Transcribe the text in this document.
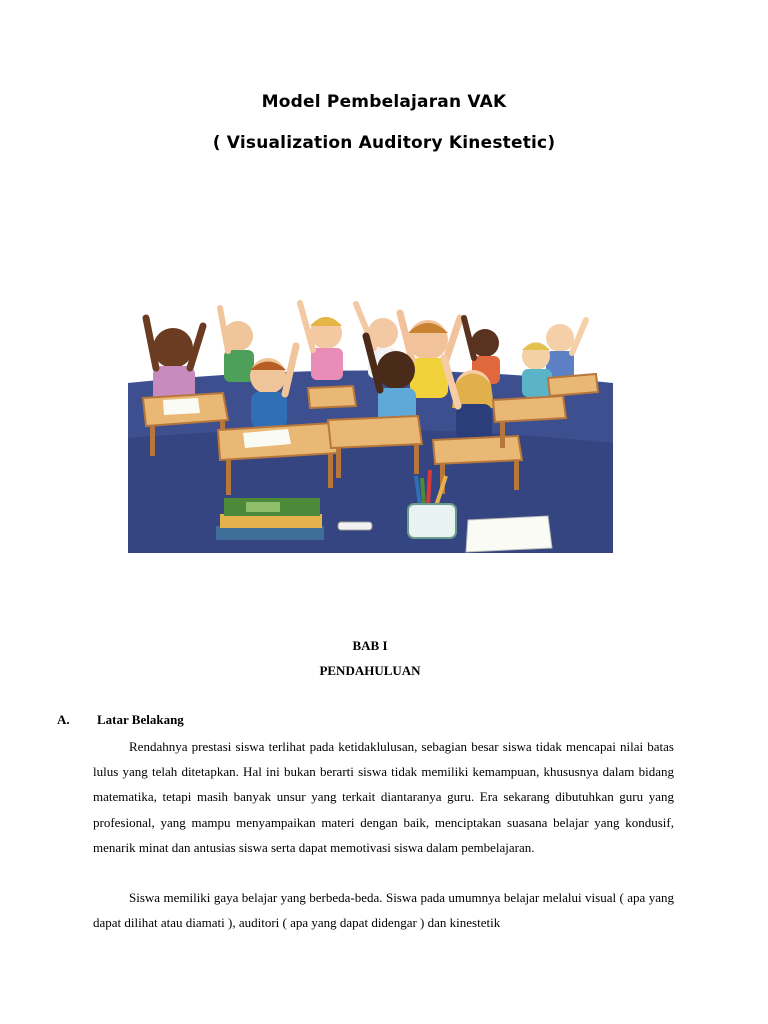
Model Pembelajaran VAK
( Visualization Auditory Kinestetic)
BAB I
PENDAHULUAN
A. Latar Belakang

Rendahnya prestasi siswa terlihat pada ketidaklulusan, sebagian besar siswa tidak mencapai nilai batas lulus yang telah ditetapkan. Hal ini bukan berarti siswa tidak memiliki kemampuan, khususnya dalam bidang matematika, tetapi masih banyak unsur yang terkait diantaranya guru. Era sekarang dibutuhkan guru yang profesional, yang mampu menyampaikan materi dengan baik, menciptakan suasana belajar yang kondusif, menarik minat dan antusias siswa serta dapat memotivasi siswa dalam pembelajaran.

Siswa memiliki gaya belajar yang berbeda-beda. Siswa pada umumnya belajar melalui visual ( apa yang dapat dilihat atau diamati ), auditori ( apa yang dapat didengar ) dan kinestetik
